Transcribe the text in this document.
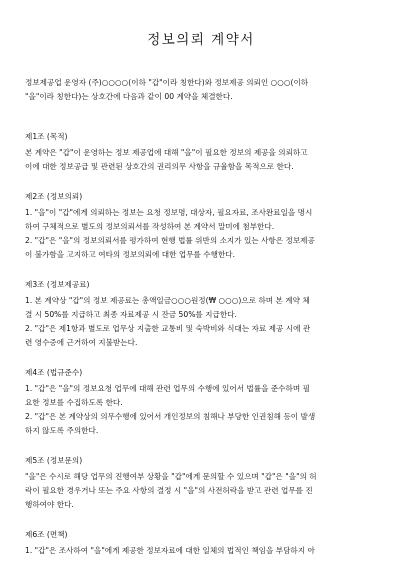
정보의뢰 계약서

정보제공업 운영자 (주)○○○○(이하 "갑"이라 칭한다)와 정보제공 의뢰인 ○○○(이하
"을"이라 칭한다)는 상호간에 다음과 같이 00 계약을 체결한다.

제1조 (목적)

본 계약은 "갑"이 운영하는 정보 제공업에 대해 "을"이 필요한 정보의 제공을 의뢰하고
이에 대한 정보공급 및 관련된 상호간의 권리의무 사항을 규율함을 목적으로 한다.

제2조 (정보의뢰)

1. "을"이 "갑"에게 의뢰하는 정보는 요청 정보명, 대상자, 필요자료, 조사완료일을 명시
하여 구체적으로 별도의 정보의뢰서를 작성하여 본 계약서 말미에 첨부한다.
2. "갑"은 "을"의 정보의뢰서를 평가하여 현행 법률 위반의 소지가 있는 사항은 정보제공
이 불가함을 고지하고 여타의 정보의뢰에 대한 업무를 수행한다.

제3조 (정보제공료)

1. 본 계약상 "갑"의 정보 제공료는 총액일금○○○원정(₩ ○○○)으로 하며 본 계약 체
결 시 50%를 지급하고 최종 자료제공 시 잔금 50%를 지급한다.
2. "갑"은 제1항과 별도로 업무상 지출한 교통비 및 숙박비와 식대는 자료 제공 시에 관
련 영수증에 근거하여 지불받는다.

제4조 (법규준수)

1. "갑"은 "을"의 정보요청 업무에 대해 관련 업무의 수행에 있어서 법률을 준수하며 필
요한 정보를 수집하도록 한다.
2. "갑"은 본 계약상의 의무수행에 있어서 개인정보의 침해나 부당한 인권침해 등이 발생
하지 않도록 주의한다.

제5조 (정보문의)

"을"은 수시로 해당 업무의 진행여부 상황을 "갑"에게 문의할 수 있으며 "갑"은 "을"의 허
락이 필요한 경우거나 또는 주요 사항의 결정 시 "을"의 사전허락을 받고 관련 업무를 진
행하여야 한다.

제6조 (면책)

1. "갑"은 조사하여 "을"에게 제공한 정보자료에 대한 일체의 법적인 책임을 부담하지 아
